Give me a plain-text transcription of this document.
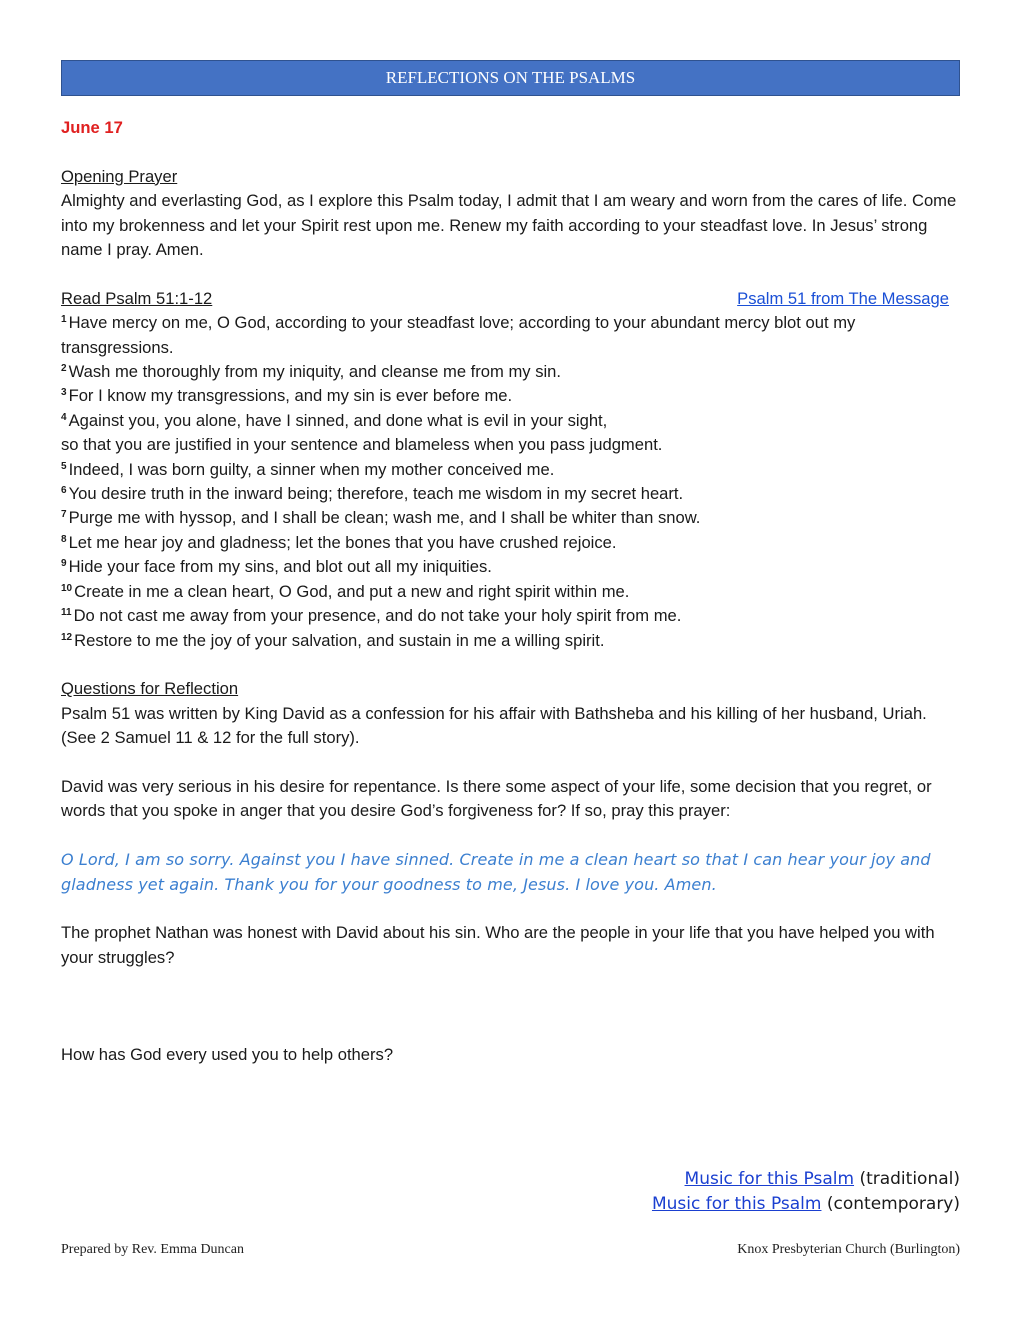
REFLECTIONS ON THE PSALMS

June 17

Opening Prayer

Almighty and everlasting God, as I explore this Psalm today, I admit that I am weary and worn from the cares of life. Come into my brokenness and let your Spirit rest upon me. Renew my faith according to your steadfast love. In Jesus’ strong name I pray. Amen.

Read Psalm 51:1-12	Psalm 51 from The Message

$^1$ Have mercy on me, O God, according to your steadfast love; according to your abundant mercy blot out my transgressions.

$^2$ Wash me thoroughly from my iniquity, and cleanse me from my sin.

$^3$ For I know my transgressions, and my sin is ever before me.

$^4$ Against you, you alone, have I sinned, and done what is evil in your sight,

so that you are justified in your sentence and blameless when you pass judgment.

$^5$ Indeed, I was born guilty, a sinner when my mother conceived me.

$^6$ You desire truth in the inward being; therefore, teach me wisdom in my secret heart.

$^7$ Purge me with hyssop, and I shall be clean; wash me, and I shall be whiter than snow.

$^8$ Let me hear joy and gladness; let the bones that you have crushed rejoice.

$^9$ Hide your face from my sins, and blot out all my iniquities.

$^{10}$ Create in me a clean heart, O God, and put a new and right spirit within me.

$^{11}$ Do not cast me away from your presence, and do not take your holy spirit from me.

$^{12}$ Restore to me the joy of your salvation, and sustain in me a willing spirit.

Questions for Reflection

Psalm 51 was written by King David as a confession for his affair with Bathsheba and his killing of her husband, Uriah. (See 2 Samuel 11 & 12 for the full story).

David was very serious in his desire for repentance. Is there some aspect of your life, some decision that you regret, or words that you spoke in anger that you desire God’s forgiveness for? If so, pray this prayer:

O Lord, I am so sorry. Against you I have sinned. Create in me a clean heart so that I can hear your joy and gladness yet again. Thank you for your goodness to me, Jesus. I love you. Amen.

The prophet Nathan was honest with David about his sin. Who are the people in your life that you have helped you with your struggles?

How has God every used you to help others?

Music for this Psalm (traditional)
Music for this Psalm (contemporary)
Prepared by Rev. Emma Duncan	Knox Presbyterian Church (Burlington)
